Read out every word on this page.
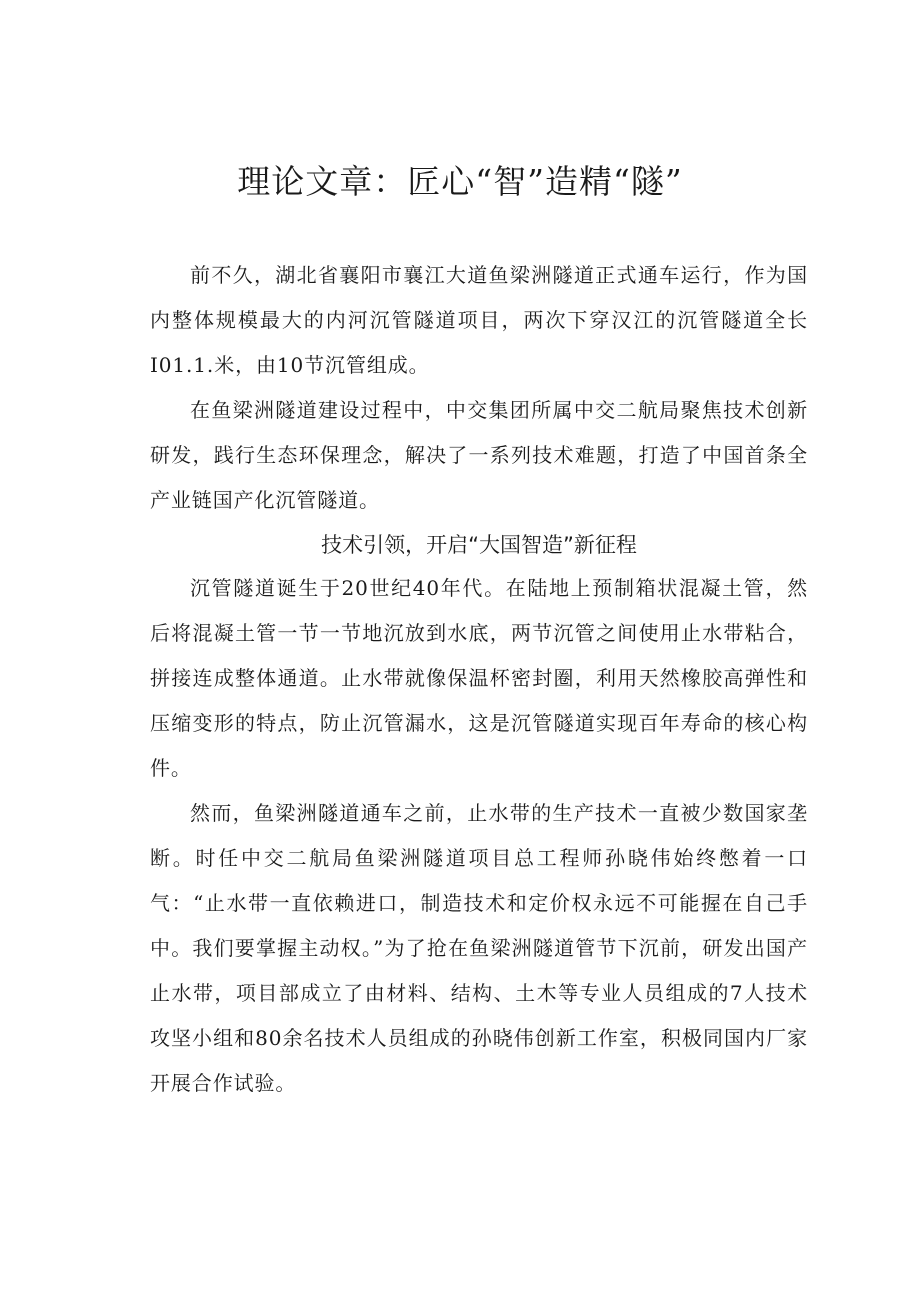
理论文章：匠心“智”造精“隧”

前不久，湖北省襄阳市襄江大道鱼梁洲隧道正式通车运行，作为国内整体规模最大的内河沉管隧道项目，两次下穿汉江的沉管隧道全长I01.1.米，由10节沉管组成。

在鱼梁洲隧道建设过程中，中交集团所属中交二航局聚焦技术创新研发，践行生态环保理念，解决了一系列技术难题，打造了中国首条全产业链国产化沉管隧道。

技术引领，开启“大国智造”新征程

沉管隧道诞生于20世纪40年代。在陆地上预制箱状混凝土管，然后将混凝土管一节一节地沉放到水底，两节沉管之间使用止水带粘合，拼接连成整体通道。止水带就像保温杯密封圈，利用天然橡胶高弹性和压缩变形的特点，防止沉管漏水，这是沉管隧道实现百年寿命的核心构件。

然而，鱼梁洲隧道通车之前，止水带的生产技术一直被少数国家垄断。时任中交二航局鱼梁洲隧道项目总工程师孙晓伟始终憋着一口气：“止水带一直依赖进口，制造技术和定价权永远不可能握在自己手中。我们要掌握主动权。”为了抢在鱼梁洲隧道管节下沉前，研发出国产止水带，项目部成立了由材料、结构、土木等专业人员组成的7人技术攻坚小组和80余名技术人员组成的孙晓伟创新工作室，积极同国内厂家开展合作试验。
